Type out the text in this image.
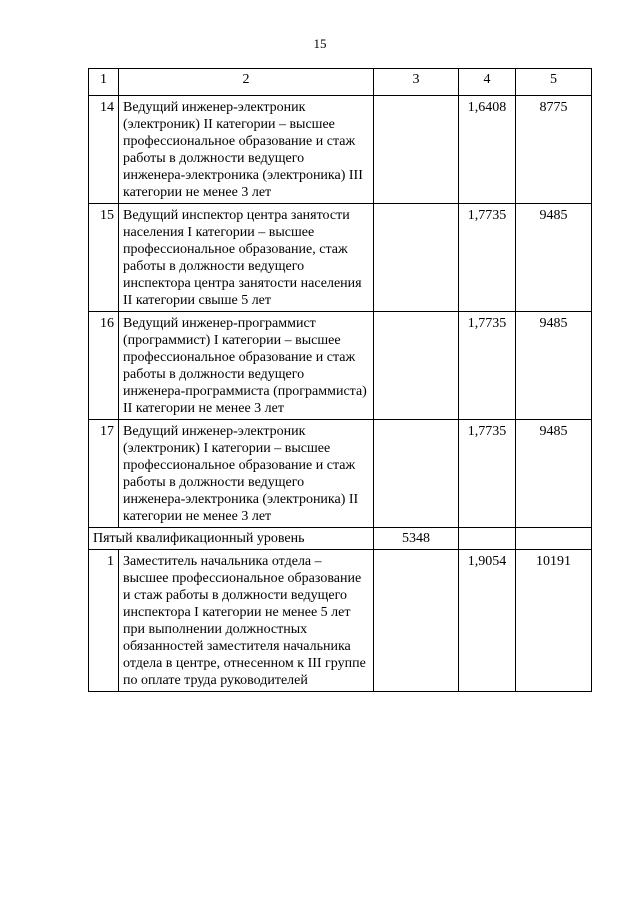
15
1	2	3	4	5
14	Ведущий инженер-электроник (электроник) II категории – высшее профессиональное образование и стаж работы в должности ведущего инженера-электроника (электроника) III категории не менее 3 лет		1,6408	8775
15	Ведущий инспектор центра занятости населения I категории – высшее профессиональное образование, стаж работы в должности ведущего инспектора центра занятости населения II категории свыше 5 лет		1,7735	9485
16	Ведущий инженер-программист (программист) I категории – высшее профессиональное образование и стаж работы в должности ведущего инженера-программиста (программиста) II категории не менее 3 лет		1,7735	9485
17	Ведущий инженер-электроник (электроник) I категории – высшее профессиональное образование и стаж работы в должности ведущего инженера-электроника (электроника) II категории не менее 3 лет		1,7735	9485
Пятый квалификационный уровень		5348		
1	Заместитель начальника отдела – высшее профессиональное образование и стаж работы в должности ведущего инспектора I категории не менее 5 лет при выполнении должностных обязанностей заместителя начальника отдела в центре, отнесенном к III группе по оплате труда руководителей		1,9054	10191
